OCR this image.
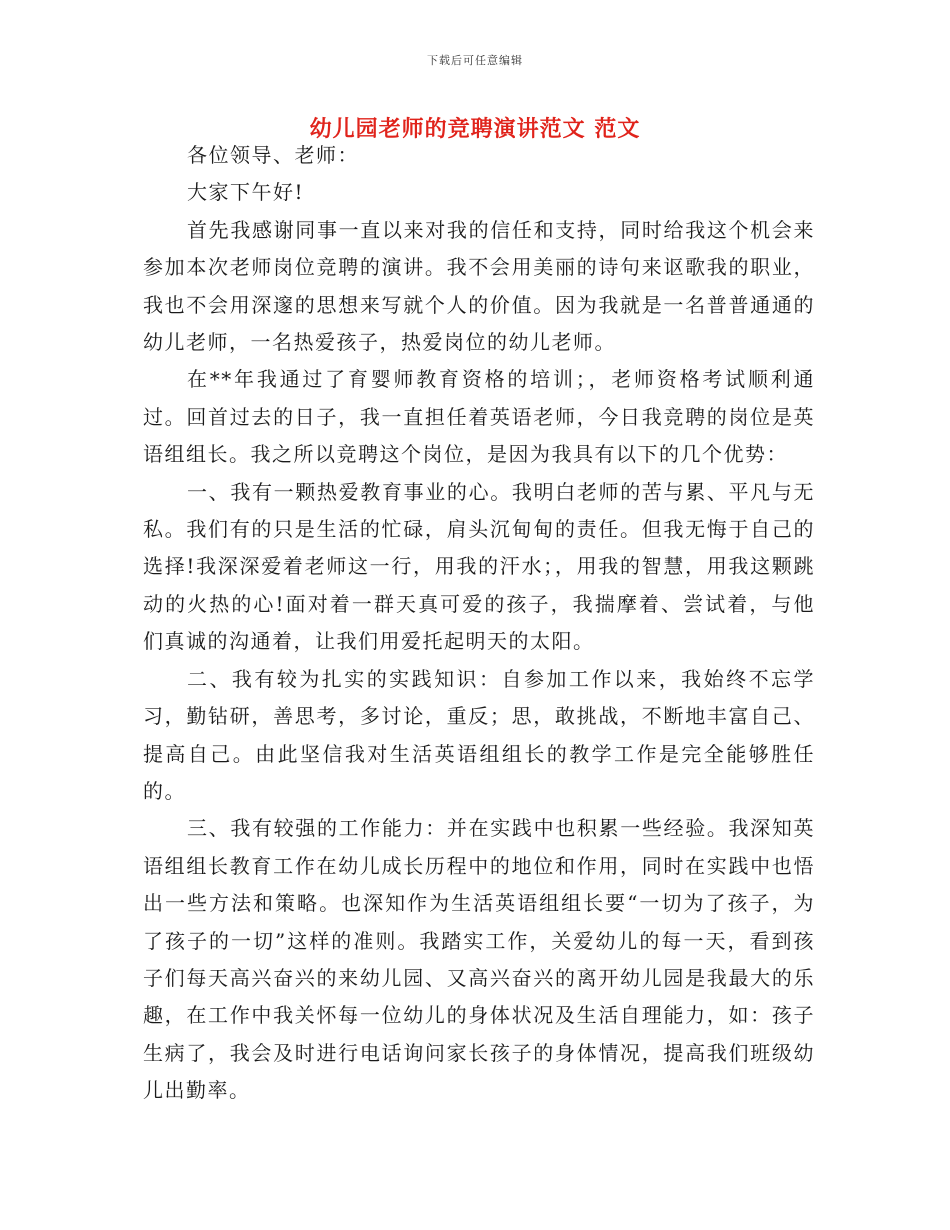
下载后可任意编辑
幼儿园老师的竞聘演讲范文 范文

各位领导、老师：

大家下午好!

首先我感谢同事一直以来对我的信任和支持，同时给我这个机会来参加本次老师岗位竞聘的演讲。我不会用美丽的诗句来讴歌我的职业， 我也不会用深邃的思想来写就个人的价值。因为我就是一名普普通通的幼儿老师，一名热爱孩子，热爱岗位的幼儿老师。

在**年我通过了育婴师教育资格的培训；，老师资格考试顺利通过。回首过去的日子，我一直担任着英语老师，今日我竞聘的岗位是英语组组长。我之所以竞聘这个岗位，是因为我具有以下的几个优势：

一、我有一颗热爱教育事业的心。我明白老师的苦与累、平凡与无私。我们有的只是生活的忙碌，肩头沉甸甸的责任。但我无悔于自己的选择!我深深爱着老师这一行，用我的汗水；，用我的智慧，用我这颗跳动的火热的心!面对着一群天真可爱的孩子，我揣摩着、尝试着，与他们真诚的沟通着，让我们用爱托起明天的太阳。

二、我有较为扎实的实践知识：自参加工作以来，我始终不忘学习，勤钻研，善思考，多讨论，重反；思，敢挑战，不断地丰富自己、提高自己。由此坚信我对生活英语组组长的教学工作是完全能够胜任的。

三、我有较强的工作能力：并在实践中也积累一些经验。我深知英语组组长教育工作在幼儿成长历程中的地位和作用，同时在实践中也悟出一些方法和策略。也深知作为生活英语组组长要“一切为了孩子，为了孩子的一切”这样的准则。我踏实工作，关爱幼儿的每一天，看到孩子们每天高兴奋兴的来幼儿园、又高兴奋兴的离开幼儿园是我最大的乐趣，在工作中我关怀每一位幼儿的身体状况及生活自理能力，如：孩子生病了，我会及时进行电话询问家长孩子的身体情况，提高我们班级幼儿出勤率。
